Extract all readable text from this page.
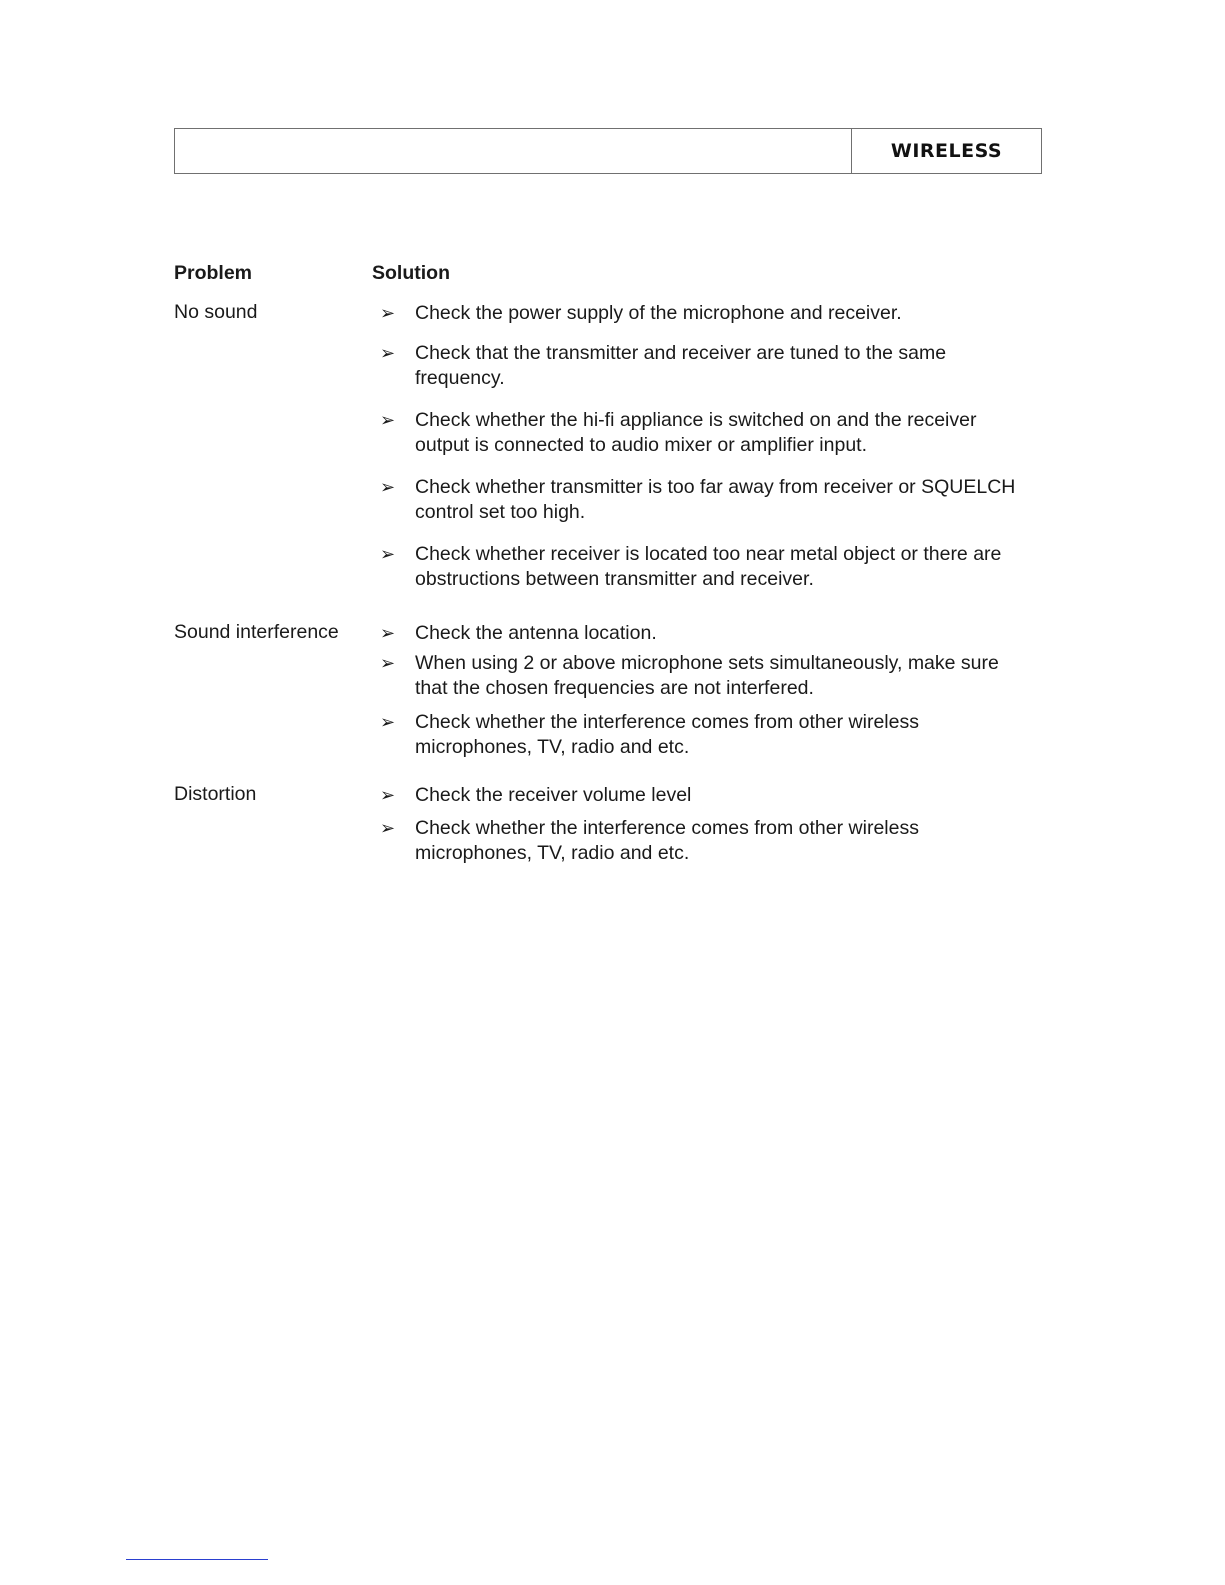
WIRELESS
Problem	Solution
No sound	➢	Check the power supply of the microphone and receiver.
➢	Check that the transmitter and receiver are tuned to the same frequency.
➢	Check whether the hi-fi appliance is switched on and the receiver output is connected to audio mixer or amplifier input.
➢	Check whether transmitter is too far away from receiver or SQUELCH control set too high.
➢	Check whether receiver is located too near metal object or there are obstructions between transmitter and receiver.
Sound interference ➢	Check the antenna location.
➢	When using 2 or above microphone sets simultaneously, make sure that the chosen frequencies are not interfered.
➢	Check whether the interference comes from other wireless microphones, TV, radio and etc.
Distortion	➢	Check the receiver volume level
➢	Check whether the interference comes from other wireless microphones, TV, radio and etc.
